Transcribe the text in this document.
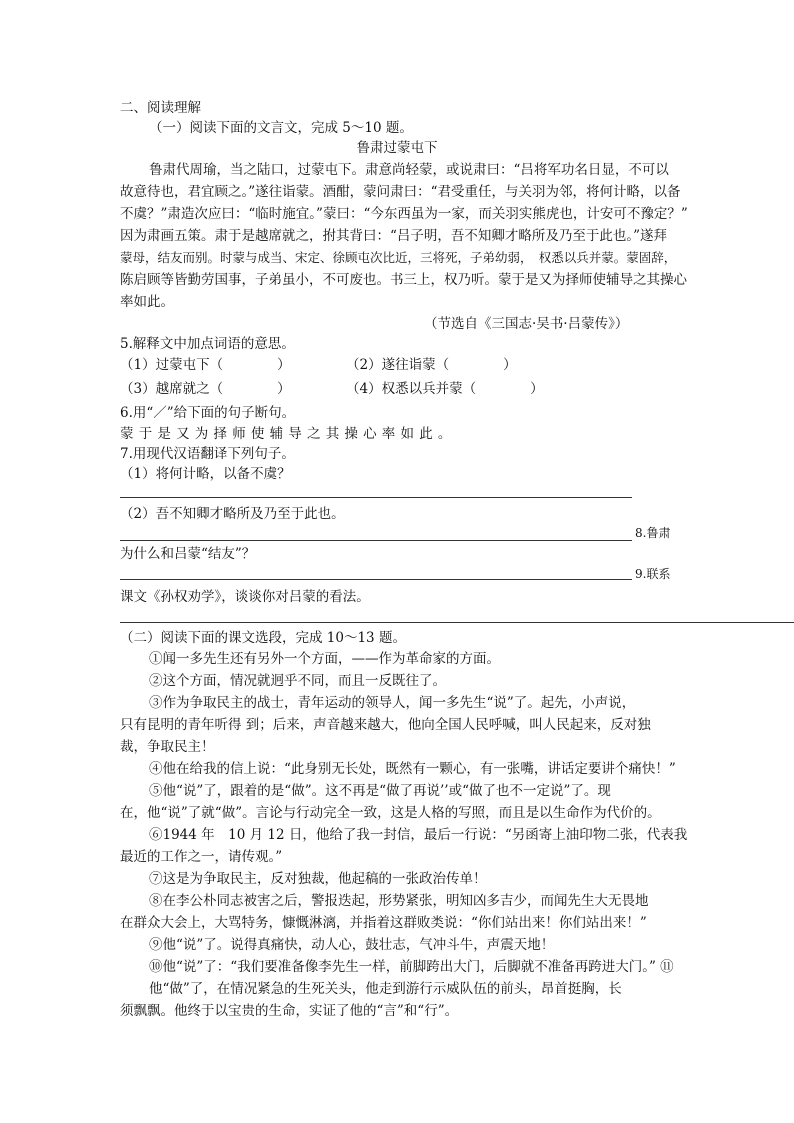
二、阅读理解
（一）阅读下面的文言文，完成 5～10 题。
鲁肃过蒙屯下
鲁肃代周瑜，当之陆口，过蒙屯下。肃意尚轻蒙，或说肃曰：“吕将军功名日显，不可以
故意待也，君宜顾之。”遂往诣蒙。酒酣，蒙问肃曰：“君受重任，与关羽为邻，将何计略，以备
不虞？”肃造次应曰：“临时施宜。”蒙曰：“今东西虽为一家，而关羽实熊虎也，计安可不豫定？”
因为肃画五策。肃于是越席就之，拊其背曰：“吕子明，吾不知卿才略所及乃至于此也。”遂拜
蒙母，结友而别。时蒙与成当、宋定、徐顾屯次比近，三将死，子弟幼弱，　权悉以兵并蒙。蒙固辞，
陈启顾等皆勤劳国事，子弟虽小，不可废也。书三上，权乃听。蒙于是又为择师使辅导之其操心
率如此。
（节选自《三国志·吴书·吕蒙传》）
5.解释文中加点词语的意思。
（1）过蒙屯下（　　　　）	（2）遂往诣蒙（　　　　）
（3）越席就之（　　　　）	（4）权悉以兵并蒙（　　　　）
6.用“／”给下面的句子断句。
蒙于是又为择师使辅导之其操心率如此。
7.用现代汉语翻译下列句子。
（1）将何计略，以备不虞？
（2）吾不知卿才略所及乃至于此也。
8.鲁肃
为什么和吕蒙“结友”？
9.联系
课文《孙权劝学》，谈谈你对吕蒙的看法。
（二）阅读下面的课文选段，完成 10～13 题。
①闻一多先生还有另外一个方面，——作为革命家的方面。
②这个方面，情况就迥乎不同，而且一反既往了。
③作为争取民主的战士，青年运动的领导人，闻一多先生“说”了。起先，小声说，
只有昆明的青年听得 到；后来，声音越来越大，他向全国人民呼喊，叫人民起来，反对独
裁，争取民主！
④他在给我的信上说：“此身别无长处，既然有一颗心，有一张嘴，讲话定要讲个痛快！”
⑤他“说”了，跟着的是“做”。这不再是“做了再说’’或“做了也不一定说”了。现
在，他“说”了就“做”。言论与行动完全一致，这是人格的写照，而且是以生命作为代价的。
⑥1944 年　10 月 12 日，他给了我一封信，最后一行说：“另函寄上油印物二张，代表我
最近的工作之一，请传观。”
⑦这是为争取民主，反对独裁，他起稿的一张政治传单！
⑧在李公朴同志被害之后，警报迭起，形势紧张，明知凶多吉少，而闻先生大无畏地
在群众大会上，大骂特务，慷慨淋漓，并指着这群败类说：“你们站出来！你们站出来！”
⑨他“说”了。说得真痛快，动人心，鼓壮志，气冲斗牛，声震天地！
⑩他“说”了：“我们要准备像李先生一样，前脚跨出大门，后脚就不准备再跨进大门。” ⑪
他“做”了，在情况紧急的生死关头，他走到游行示威队伍的前头，昂首挺胸，长
须飘飘。他终于以宝贵的生命，实证了他的“言”和“行”。
